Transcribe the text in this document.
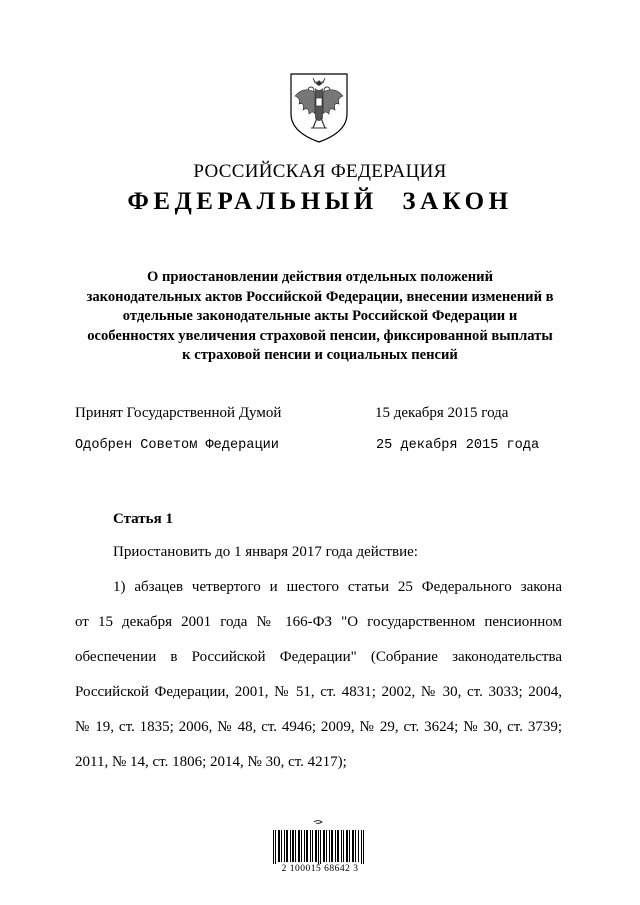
РОССИЙСКАЯ ФЕДЕРАЦИЯ
ФЕДЕРАЛЬНЫЙ ЗАКОН
О приостановлении действия отдельных положений
законодательных актов Российской Федерации, внесении изменений в
отдельные законодательные акты Российской Федерации и
особенностях увеличения страховой пенсии, фиксированной выплаты
к страховой пенсии и социальных пенсий
Принят Государственной Думой	15 декабря 2015 года
Одобрен Советом Федерации	25 декабря 2015 года
Статья 1
Приостановить до 1 января 2017 года действие:
1) абзацев четвертого и шестого статьи 25 Федерального закона
от 15 декабря 2001 года № 166-ФЗ "О государственном пенсионном
обеспечении в Российской Федерации" (Собрание законодательства
Российской Федерации, 2001, № 51, ст. 4831; 2002, № 30, ст. 3033; 2004,
№ 19, ст. 1835; 2006, № 48, ст. 4946; 2009, № 29, ст. 3624; № 30, ст. 3739;
2011, № 14, ст. 1806; 2014, № 30, ст. 4217);
2 100015 68642 3
